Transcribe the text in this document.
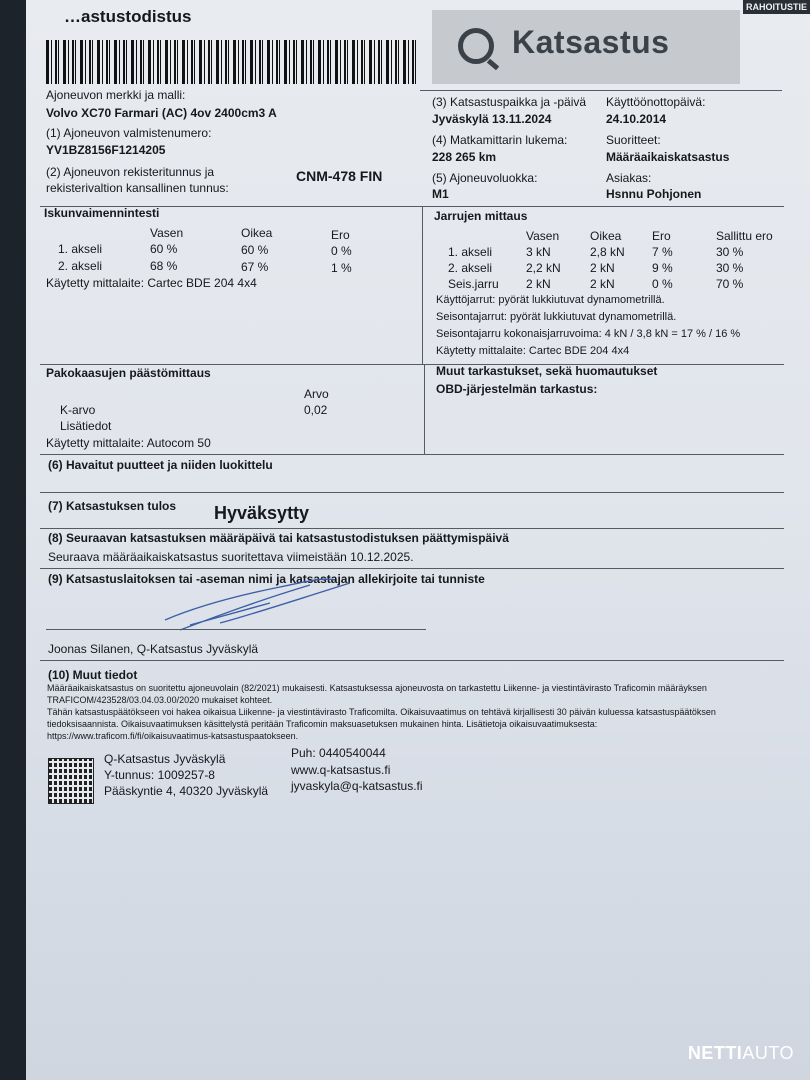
…astustodistus
Katsastus
RAHOITUSTIE
Ajoneuvon merkki ja malli:
Volvo XC70 Farmari (AC) 4ov 2400cm3 A
(1) Ajoneuvon valmistenumero:
YV1BZ8156F1214205
(2) Ajoneuvon rekisteritunnus ja
rekisterivaltion kansallinen tunnus:
CNM-478 FIN
(3) Katsastuspaikka ja -päivä
Jyväskylä 13.11.2024
Käyttöönottopäivä:
24.10.2014
(4) Matkamittarin lukema:
228 265 km
Suoritteet:
Määräaikaiskatsastus
(5) Ajoneuvoluokka:
M1
Asiakas:
Hsnnu Pohjonen
Iskunvaimennintesti
Vasen	Oikea	Ero
1. akseli	60 %	60 %	0 %
2. akseli	68 %	67 %	1 %
Käytetty mittalaite: Cartec BDE 204 4x4
Jarrujen mittaus
Vasen	Oikea	Ero	Sallittu ero
1. akseli	3 kN	2,8 kN 7 %	30 %
2. akseli	2,2 kN 2 kN	9 %	30 %
Seis.jarru 2 kN	2 kN	0 %	70 %
Käyttöjarrut: pyörät lukkiutuvat dynamometrillä.
Seisontajarrut: pyörät lukkiutuvat dynamometrillä.
Seisontajarru kokonaisjarruvoima: 4 kN / 3,8 kN = 17 % / 16 %
Käytetty mittalaite: Cartec BDE 204 4x4
Pakokaasujen päästömittaus
Arvo
K-arvo	0,02
Lisätiedot
Käytetty mittalaite: Autocom 50
Muut tarkastukset, sekä huomautukset
OBD-järjestelmän tarkastus:
(6) Havaitut puutteet ja niiden luokittelu
(7) Katsastuksen tulos Hyväksytty
(8) Seuraavan katsastuksen määräpäivä tai katsastustodistuksen päättymispäivä
Seuraava määräaikaiskatsastus suoritettava viimeistään 10.12.2025.
(9) Katsastuslaitoksen tai -aseman nimi ja katsastajan allekirjoite tai tunniste
Joonas Silanen, Q-Katsastus Jyväskylä
(10) Muut tiedot
Määräaikaiskatsastus on suoritettu ajoneuvolain (82/2021) mukaisesti. Katsastuksessa ajoneuvosta on tarkastettu Liikenne- ja viestintävirasto Traficomin määräyksen
TRAFICOM/423528/03.04.03.00/2020 mukaiset kohteet.
Tähän katsastuspäätökseen voi hakea oikaisua Liikenne- ja viestintävirasto Traficomilta. Oikaisuvaatimus on tehtävä kirjallisesti 30 päivän kuluessa katsastuspäätöksen
tiedoksisaannista. Oikaisuvaatimuksen käsittelystä peritään Traficomin maksuasetuksen mukainen hinta. Lisätietoja oikaisuvaatimuksesta:
https://www.traficom.fi/fi/oikaisuvaatimus-katsastuspaatokseen.
Q-Katsastus Jyväskylä
Y-tunnus: 1009257-8
Pääskyntie 4, 40320 Jyväskylä
Puh: 0440540044
www.q-katsastus.fi
jyvaskyla@q-katsastus.fi
NETTIAUTO
